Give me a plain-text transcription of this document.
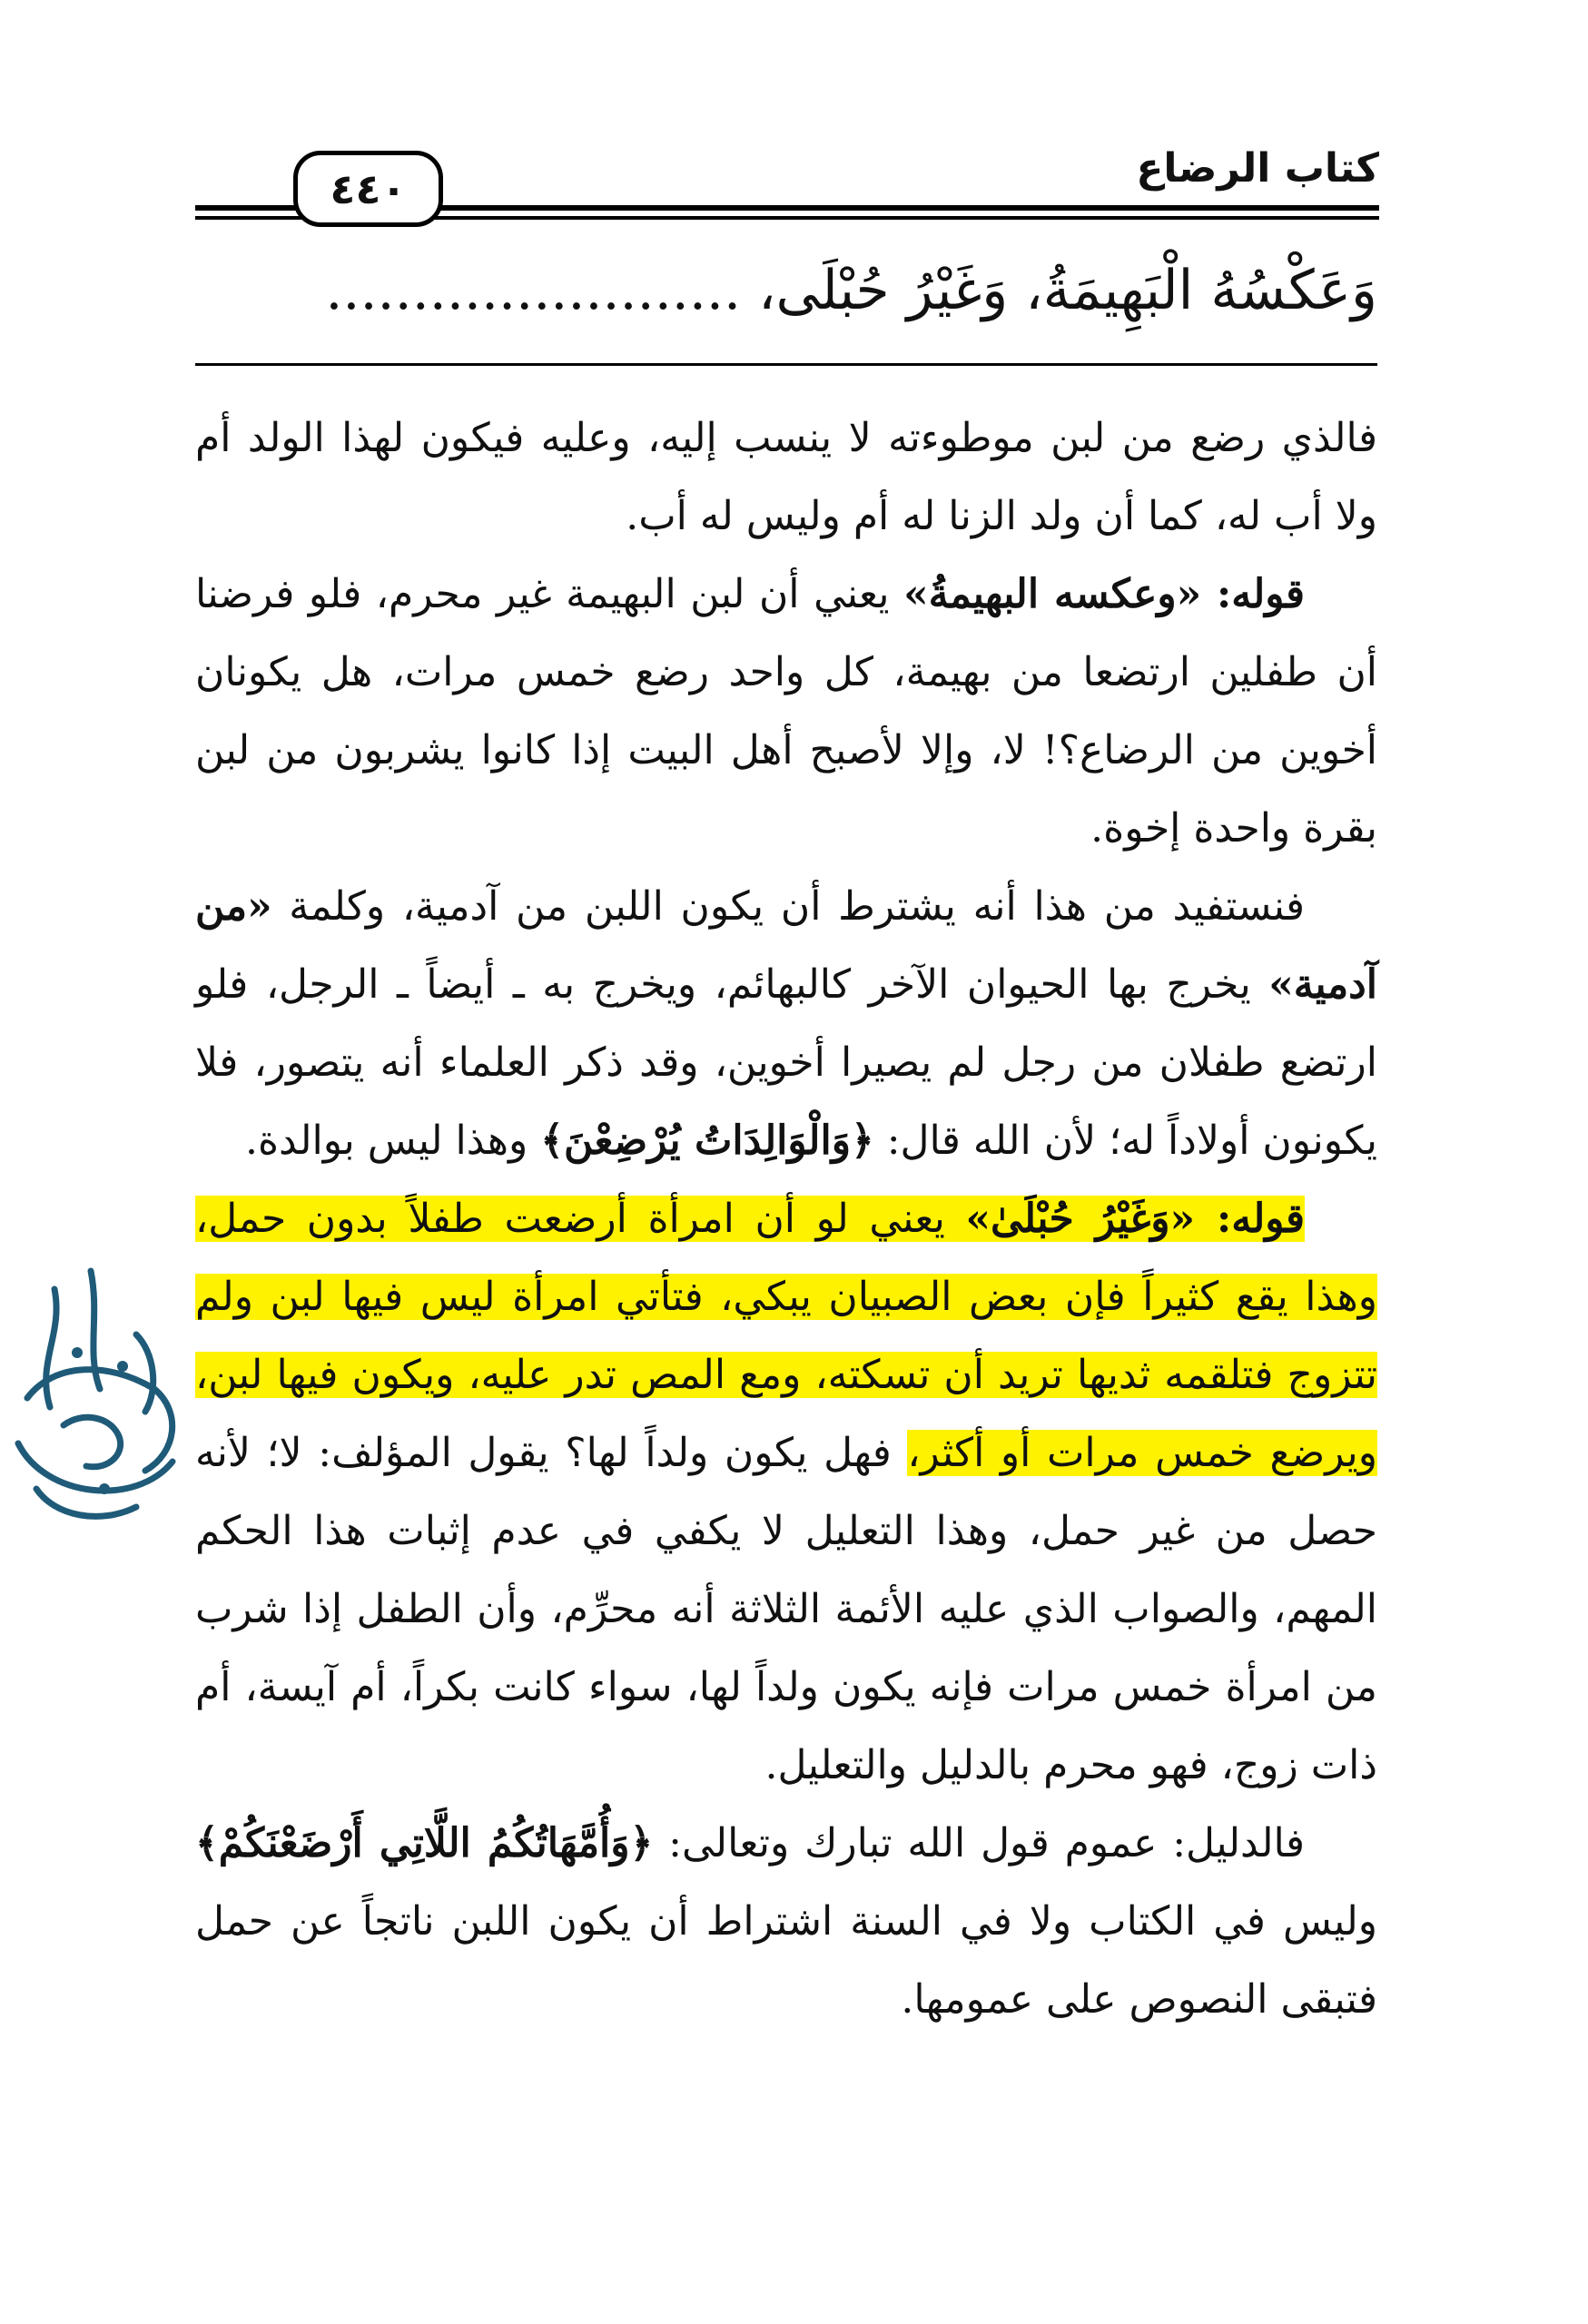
كتاب الرضاع
٤٤٠
وَعَكْسُهُ الْبَهِيمَةُ، وَغَيْرُ حُبْلَى، ........................

فالذي رضع من لبن موطوءته لا ينسب إليه، وعليه فيكون لهذا الولد أم ولا أب له، كما أن ولد الزنا له أم وليس له أب.

قوله: «وعكسه البهيمةُ» يعني أن لبن البهيمة غير محرم، فلو فرضنا أن طفلين ارتضعا من بهيمة، كل واحد رضع خمس مرات، هل يكونان أخوين من الرضاع؟! لا، وإلا لأصبح أهل البيت إذا كانوا يشربون من لبن بقرة واحدة إخوة.

فنستفيد من هذا أنه يشترط أن يكون اللبن من آدمية، وكلمة «من آدمية» يخرج بها الحيوان الآخر كالبهائم، ويخرج به ـ أيضاً ـ الرجل، فلو ارتضع طفلان من رجل لم يصيرا أخوين، وقد ذكر العلماء أنه يتصور، فلا يكونون أولاداً له؛ لأن الله قال: ﴿وَالْوَالِدَاتُ يُرْضِعْنَ﴾ وهذا ليس بوالدة.

قوله: «وَغَيْرُ حُبْلَىٰ» يعني لو أن امرأة أرضعت طفلاً بدون حمل، وهذا يقع كثيراً فإن بعض الصبيان يبكي، فتأتي امرأة ليس فيها لبن ولم تتزوج فتلقمه ثديها تريد أن تسكته، ومع المص تدر عليه، ويكون فيها لبن، ويرضع خمس مرات أو أكثر، فهل يكون ولداً لها؟ يقول المؤلف: لا؛ لأنه حصل من غير حمل، وهذا التعليل لا يكفي في عدم إثبات هذا الحكم المهم، والصواب الذي عليه الأئمة الثلاثة أنه محرِّم، وأن الطفل إذا شرب من امرأة خمس مرات فإنه يكون ولداً لها، سواء كانت بكراً، أم آيسة، أم ذات زوج، فهو محرم بالدليل والتعليل.

فالدليل: عموم قول الله تبارك وتعالى: ﴿وَأُمَّهَاتُكُمُ اللَّاتِي أَرْضَعْنَكُمْ﴾ وليس في الكتاب ولا في السنة اشتراط أن يكون اللبن ناتجاً عن حمل فتبقى النصوص على عمومها.
